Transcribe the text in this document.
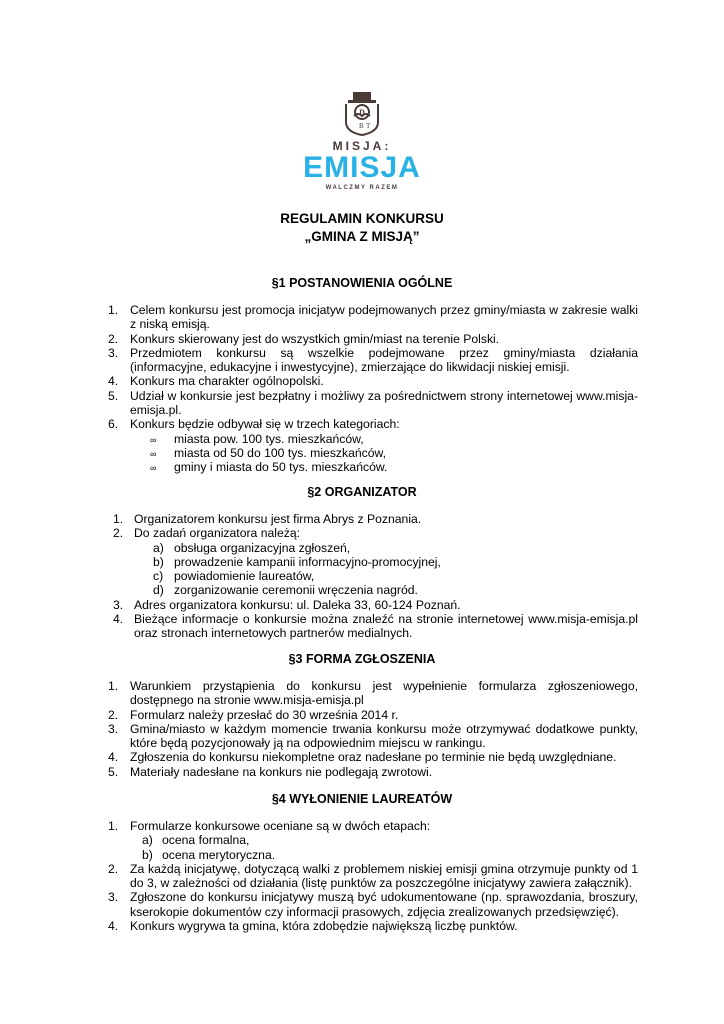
D
T
B
MISJA:
EMISJA
WALCZMY RAZEM
REGULAMIN KONKURSU
„GMINA Z MISJĄ”
§1 POSTANOWIENIA OGÓLNE
1. Celem konkursu jest promocja inicjatyw podejmowanych przez gminy/miasta w zakresie walki z niską emisją.
2. Konkurs skierowany jest do wszystkich gmin/miast na terenie Polski.
3. Przedmiotem konkursu są wszelkie podejmowane przez gminy/miasta działania (informacyjne, edukacyjne i inwestycyjne), zmierzające do likwidacji niskiej emisji.
4. Konkurs ma charakter ogólnopolski.
5. Udział w konkursie jest bezpłatny i możliwy za pośrednictwem strony internetowej www.misja-emisja.pl.
6. Konkurs będzie odbywał się w trzech kategoriach:
∞ miasta pow. 100 tys. mieszkańców,
∞ miasta od 50 do 100 tys. mieszkańców,
∞ gminy i miasta do 50 tys. mieszkańców.
§2 ORGANIZATOR
1. Organizatorem konkursu jest firma Abrys z Poznania.
2. Do zadań organizatora należą:
a) obsługa organizacyjna zgłoszeń,
b) prowadzenie kampanii informacyjno-promocyjnej,
c) powiadomienie laureatów,
d) zorganizowanie ceremonii wręczenia nagród.
3. Adres organizatora konkursu: ul. Daleka 33, 60-124 Poznań.
4. Bieżące informacje o konkursie można znaleźć na stronie internetowej www.misja-emisja.pl oraz stronach internetowych partnerów medialnych.
§3 FORMA ZGŁOSZENIA
1. Warunkiem przystąpienia do konkursu jest wypełnienie formularza zgłoszeniowego, dostępnego na stronie www.misja-emisja.pl
2. Formularz należy przesłać do 30 września 2014 r.
3. Gmina/miasto w każdym momencie trwania konkursu może otrzymywać dodatkowe punkty, które będą pozycjonowały ją na odpowiednim miejscu w rankingu.
4. Zgłoszenia do konkursu niekompletne oraz nadesłane po terminie nie będą uwzględniane.
5. Materiały nadesłane na konkurs nie podlegają zwrotowi.
§4 WYŁONIENIE LAUREATÓW
1. Formularze konkursowe oceniane są w dwóch etapach:
a) ocena formalna,
b) ocena merytoryczna.
2. Za każdą inicjatywę, dotyczącą walki z problemem niskiej emisji gmina otrzymuje punkty od 1 do 3, w zależności od działania (listę punktów za poszczególne inicjatywy zawiera załącznik).
3. Zgłoszone do konkursu inicjatywy muszą być udokumentowane (np. sprawozdania, broszury, kserokopie dokumentów czy informacji prasowych, zdjęcia zrealizowanych przedsięwzięć).
4. Konkurs wygrywa ta gmina, która zdobędzie największą liczbę punktów.
